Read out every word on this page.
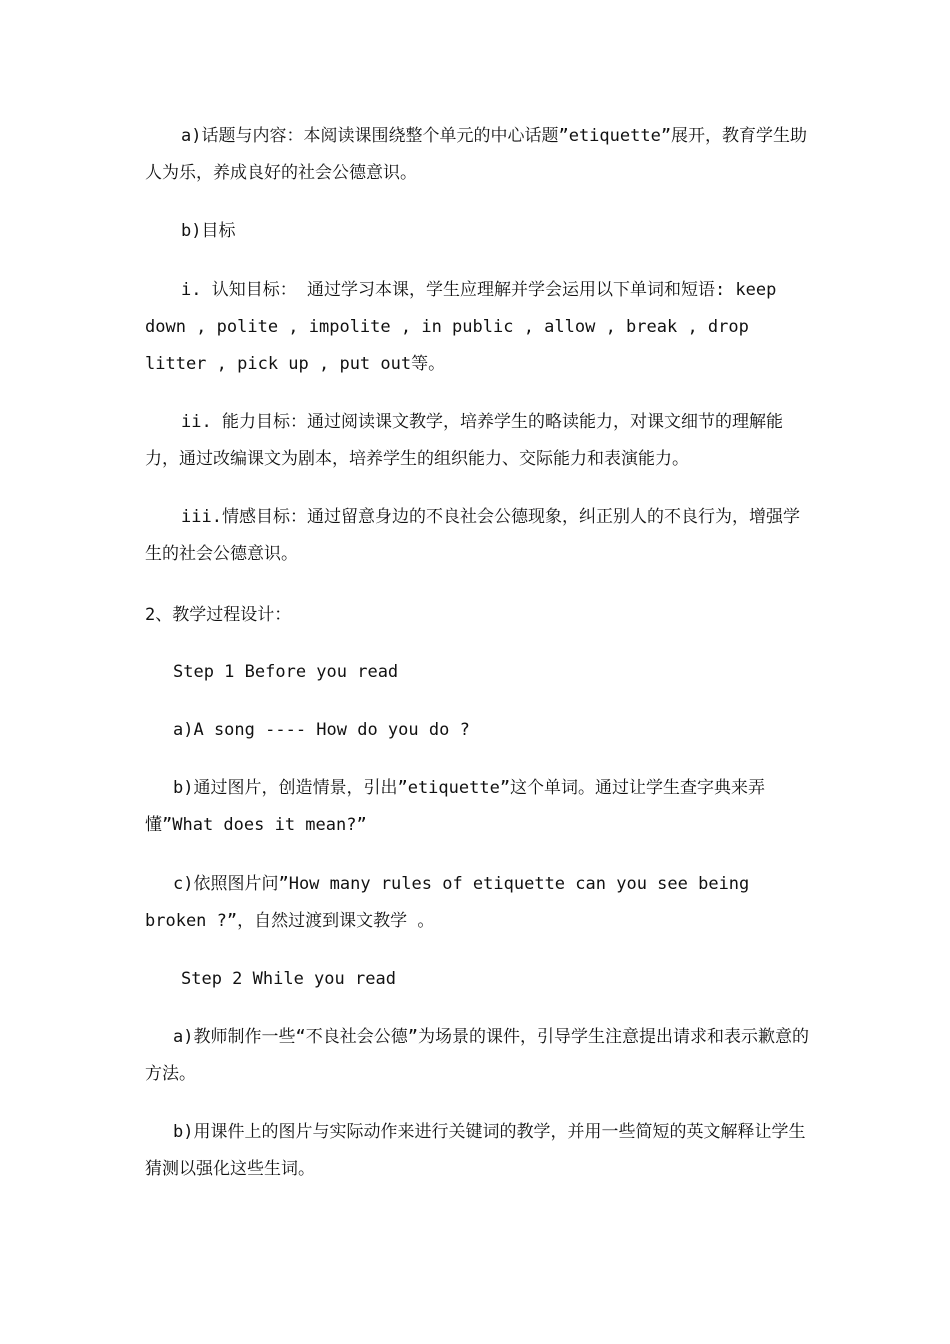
a)话题与内容：本阅读课围绕整个单元的中心话题”etiquette”展开，教育学生助人为乐，养成良好的社会公德意识。

b)目标

i. 认知目标： 通过学习本课，学生应理解并学会运用以下单词和短语: keep down , polite , impolite , in public , allow , break , drop litter , pick up , put out等。

ii. 能力目标：通过阅读课文教学，培养学生的略读能力，对课文细节的理解能力，通过改编课文为剧本，培养学生的组织能力、交际能力和表演能力。

iii.情感目标：通过留意身边的不良社会公德现象，纠正别人的不良行为，增强学生的社会公德意识。

2、教学过程设计：

Step 1 Before you read

a)A song ---- How do you do ?

b)通过图片，创造情景，引出”etiquette”这个单词。通过让学生查字典来弄懂”What does it mean?”

c)依照图片问”How many rules of etiquette can you see being broken ?”，自然过渡到课文教学 。

Step 2 While you read

a)教师制作一些“不良社会公德”为场景的课件，引导学生注意提出请求和表示歉意的方法。

b)用课件上的图片与实际动作来进行关键词的教学，并用一些简短的英文解释让学生猜测以强化这些生词。
